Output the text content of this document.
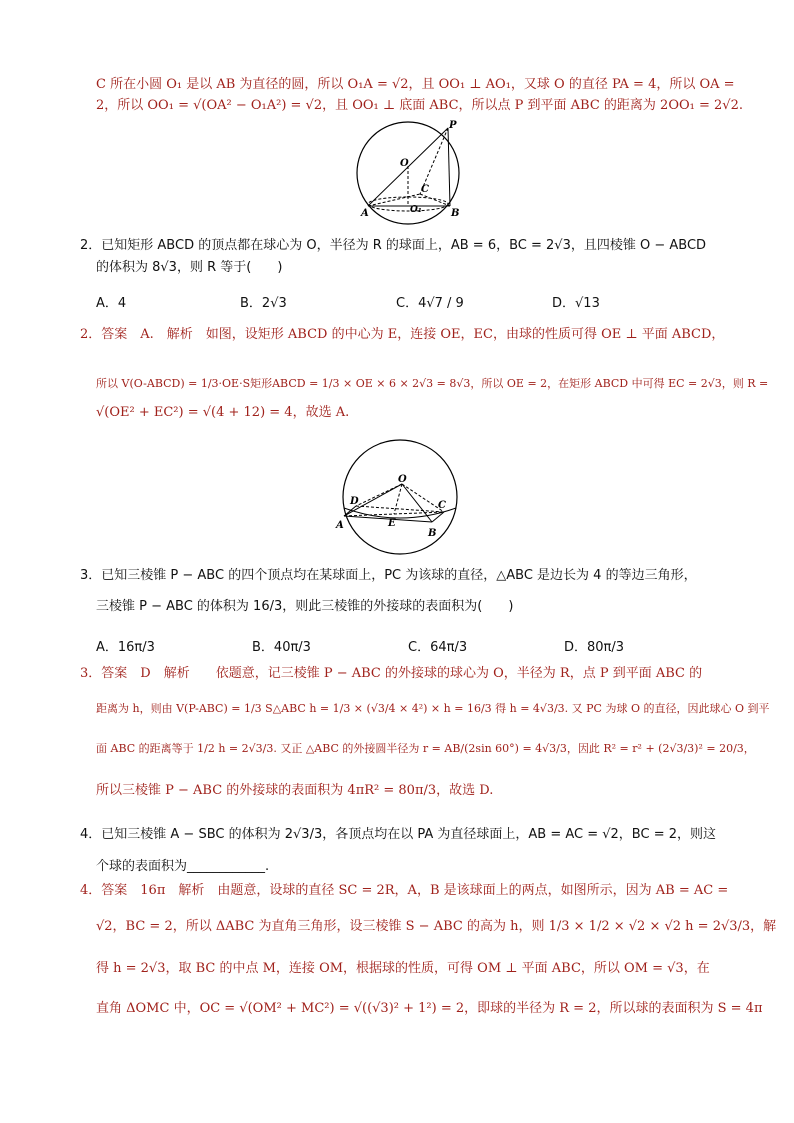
C 所在小圆 O₁ 是以 AB 为直径的圆，所以 O₁A = √2，且 OO₁ ⊥ AO₁，又球 O 的直径 PA = 4，所以 OA =
2，所以 OO₁ = √(OA² − O₁A²) = √2，且 OO₁ ⊥ 底面 ABC，所以点 P 到平面 ABC 的距离为 2OO₁ = 2√2.
P
O
C
A	O₁	B
2．已知矩形 ABCD 的顶点都在球心为 O，半径为 R 的球面上，AB = 6，BC = 2√3，且四棱锥 O − ABCD
的体积为 8√3，则 R 等于(　　)
A．4	B．2√3	C．4√7 / 9	D．√13
2．答案　A.　解析　如图，设矩形 ABCD 的中心为 E，连接 OE，EC，由球的性质可得 OE ⊥ 平面 ABCD，
所以 V(O-ABCD) = 1/3·OE·S矩形ABCD = 1/3 × OE × 6 × 2√3 = 8√3，所以 OE = 2，在矩形 ABCD 中可得 EC = 2√3，则 R =
√(OE² + EC²) = √(4 + 12) = 4，故选 A.
O
D	C
E
A
B
3．已知三棱锥 P − ABC 的四个顶点均在某球面上，PC 为该球的直径，△ABC 是边长为 4 的等边三角形，
三棱锥 P − ABC 的体积为 16/3，则此三棱锥的外接球的表面积为(　　)
A．16π/3	B．40π/3	C．64π/3	D．80π/3
3．答案　D　解析　　依题意，记三棱锥 P − ABC 的外接球的球心为 O，半径为 R，点 P 到平面 ABC 的
距离为 h，则由 V(P-ABC) = 1/3 S△ABC h = 1/3 × (√3/4 × 4²) × h = 16/3 得 h = 4√3/3. 又 PC 为球 O 的直径，因此球心 O 到平
面 ABC 的距离等于 1/2 h = 2√3/3. 又正 △ABC 的外接圆半径为 r = AB/(2sin 60°) = 4√3/3，因此 R² = r² + (2√3/3)² = 20/3，
所以三棱锥 P − ABC 的外接球的表面积为 4πR² = 80π/3，故选 D.
4．已知三棱锥 A − SBC 的体积为 2√3/3，各顶点均在以 PA 为直径球面上，AB = AC = √2，BC = 2，则这
个球的表面积为____________.
4．答案　16π　解析　由题意，设球的直径 SC = 2R，A，B 是该球面上的两点，如图所示，因为 AB = AC =
√2，BC = 2，所以 ΔABC 为直角三角形，设三棱锥 S − ABC 的高为 h，则 1/3 × 1/2 × √2 × √2 h = 2√3/3，解
得 h = 2√3，取 BC 的中点 M，连接 OM，根据球的性质，可得 OM ⊥ 平面 ABC，所以 OM = √3，在
直角 ΔOMC 中，OC = √(OM² + MC²) = √((√3)² + 1²) = 2，即球的半径为 R = 2，所以球的表面积为 S = 4π
